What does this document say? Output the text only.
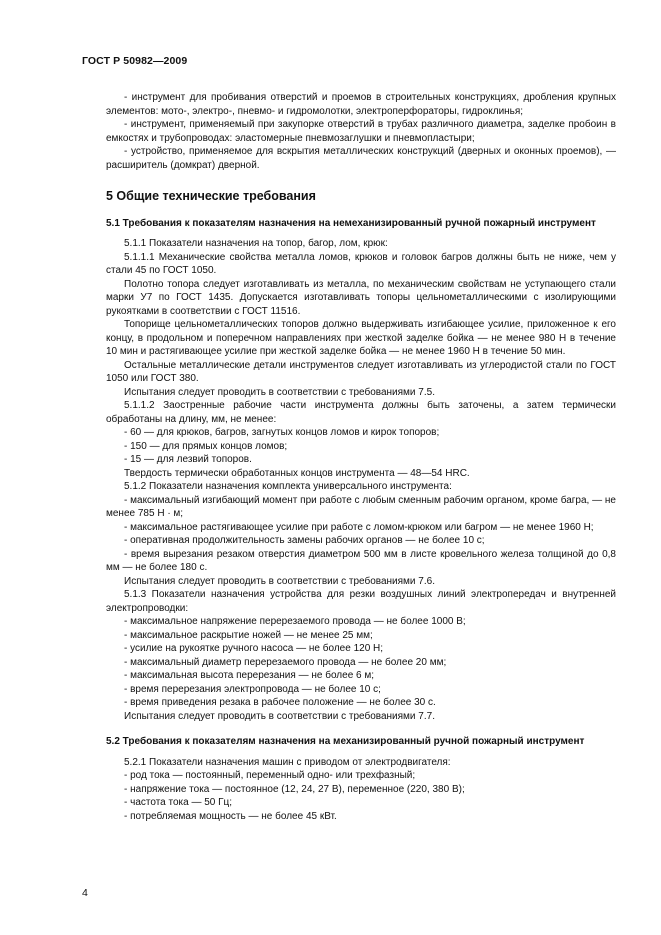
ГОСТ Р 50982—2009

- инструмент для пробивания отверстий и проемов в строительных конструкциях, дробления крупных элементов: мото-, электро-, пневмо- и гидромолотки, электроперфораторы, гидроклинья;

- инструмент, применяемый при закупорке отверстий в трубах различного диаметра, заделке пробоин в емкостях и трубопроводах: эластомерные пневмозаглушки и пневмопластыри;

- устройство, применяемое для вскрытия металлических конструкций (дверных и оконных проемов), — расширитель (домкрат) дверной.

5 Общие технические требования

5.1 Требования к показателям назначения на немеханизированный ручной пожарный инструмент

5.1.1 Показатели назначения на топор, багор, лом, крюк:

5.1.1.1 Механические свойства металла ломов, крюков и головок багров должны быть не ниже, чем у стали 45 по ГОСТ 1050.

Полотно топора следует изготавливать из металла, по механическим свойствам не уступающего стали марки У7 по ГОСТ 1435. Допускается изготавливать топоры цельнометаллическими с изолирующими рукоятками в соответствии с ГОСТ 11516.

Топорище цельнометаллических топоров должно выдерживать изгибающее усилие, приложенное к его концу, в продольном и поперечном направлениях при жесткой заделке бойка — не менее 980 Н в течение 10 мин и растягивающее усилие при жесткой заделке бойка — не менее 1960 Н в течение 50 мин.

Остальные металлические детали инструментов следует изготавливать из углеродистой стали по ГОСТ 1050 или ГОСТ 380.

Испытания следует проводить в соответствии с требованиями 7.5.

5.1.1.2 Заостренные рабочие части инструмента должны быть заточены, а затем термически обработаны на длину, мм, не менее:

- 60 — для крюков, багров, загнутых концов ломов и кирок топоров;

- 150 — для прямых концов ломов;

- 15 — для лезвий топоров.

Твердость термически обработанных концов инструмента — 48—54 HRC.

5.1.2 Показатели назначения комплекта универсального инструмента:

- максимальный изгибающий момент при работе с любым сменным рабочим органом, кроме багра, — не менее 785 Н · м;

- максимальное растягивающее усилие при работе с ломом-крюком или багром — не менее 1960 Н;

- оперативная продолжительность замены рабочих органов — не более 10 с;

- время вырезания резаком отверстия диаметром 500 мм в листе кровельного железа толщиной до 0,8 мм — не более 180 с.

Испытания следует проводить в соответствии с требованиями 7.6.

5.1.3 Показатели назначения устройства для резки воздушных линий электропередач и внутренней электропроводки:

- максимальное напряжение перерезаемого провода — не более 1000 В;

- максимальное раскрытие ножей — не менее 25 мм;

- усилие на рукоятке ручного насоса — не более 120 Н;

- максимальный диаметр перерезаемого провода — не более 20 мм;

- максимальная высота перерезания — не более 6 м;

- время перерезания электропровода — не более 10 с;

- время приведения резака в рабочее положение — не более 30 с.

Испытания следует проводить в соответствии с требованиями 7.7.

5.2 Требования к показателям назначения на механизированный ручной пожарный инструмент

5.2.1 Показатели назначения машин с приводом от электродвигателя:

- род тока — постоянный, переменный одно- или трехфазный;

- напряжение тока — постоянное (12, 24, 27 В), переменное (220, 380 В);

- частота тока — 50 Гц;

- потребляемая мощность — не более 45 кВт.

4
